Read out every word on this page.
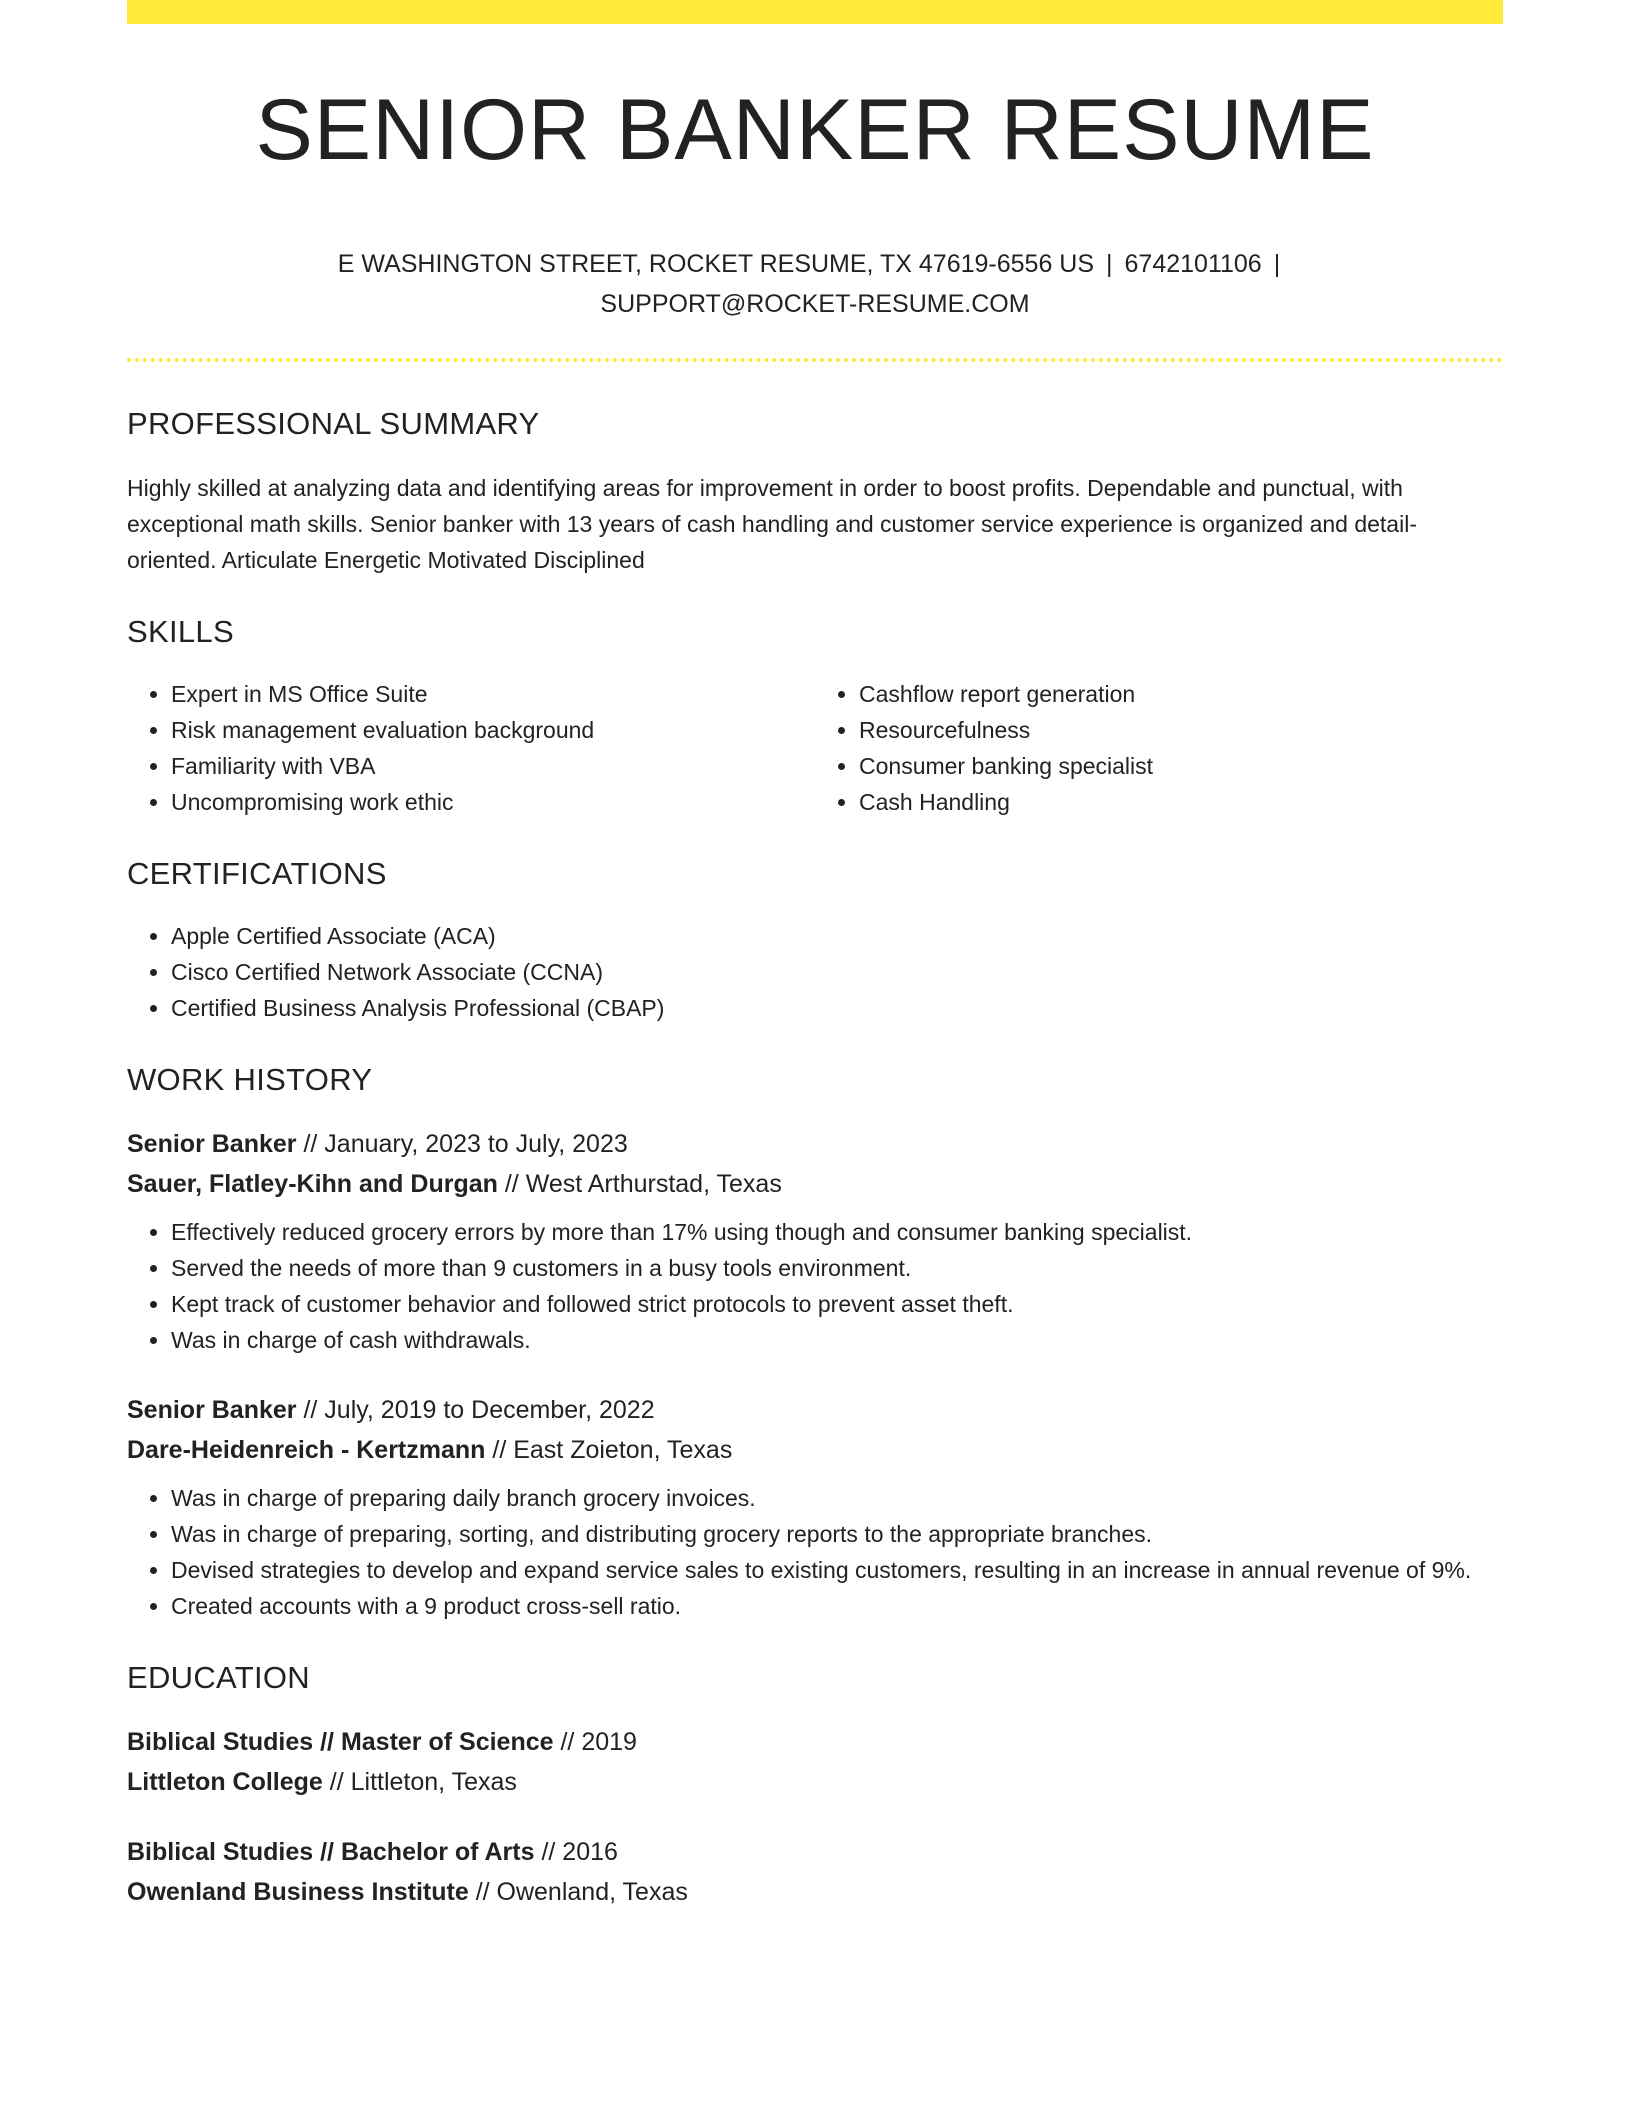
SENIOR BANKER RESUME
E WASHINGTON STREET, ROCKET RESUME, TX 47619-6556 US | 6742101106 |
SUPPORT@ROCKET-RESUME.COM
PROFESSIONAL SUMMARY

Highly skilled at analyzing data and identifying areas for improvement in order to boost profits. Dependable and punctual, with exceptional math skills. Senior banker with 13 years of cash handling and customer service experience is organized and detail-oriented. Articulate Energetic Motivated Disciplined

SKILLS
• Expert in MS Office Suite
• Risk management evaluation background
• Familiarity with VBA
• Uncompromising work ethic
• Cashflow report generation
• Resourcefulness
• Consumer banking specialist
• Cash Handling
CERTIFICATIONS
• Apple Certified Associate (ACA)
• Cisco Certified Network Associate (CCNA)
• Certified Business Analysis Professional (CBAP)
WORK HISTORY
Senior Banker // January, 2023 to July, 2023
Sauer, Flatley-Kihn and Durgan // West Arthurstad, Texas
• Effectively reduced grocery errors by more than 17% using though and consumer banking specialist.
• Served the needs of more than 9 customers in a busy tools environment.
• Kept track of customer behavior and followed strict protocols to prevent asset theft.
• Was in charge of cash withdrawals.
Senior Banker // July, 2019 to December, 2022
Dare-Heidenreich - Kertzmann // East Zoieton, Texas
• Was in charge of preparing daily branch grocery invoices.
• Was in charge of preparing, sorting, and distributing grocery reports to the appropriate branches.
• Devised strategies to develop and expand service sales to existing customers, resulting in an increase in annual revenue of 9%.
• Created accounts with a 9 product cross-sell ratio.
EDUCATION
Biblical Studies // Master of Science // 2019
Littleton College // Littleton, Texas
Biblical Studies // Bachelor of Arts // 2016
Owenland Business Institute // Owenland, Texas
